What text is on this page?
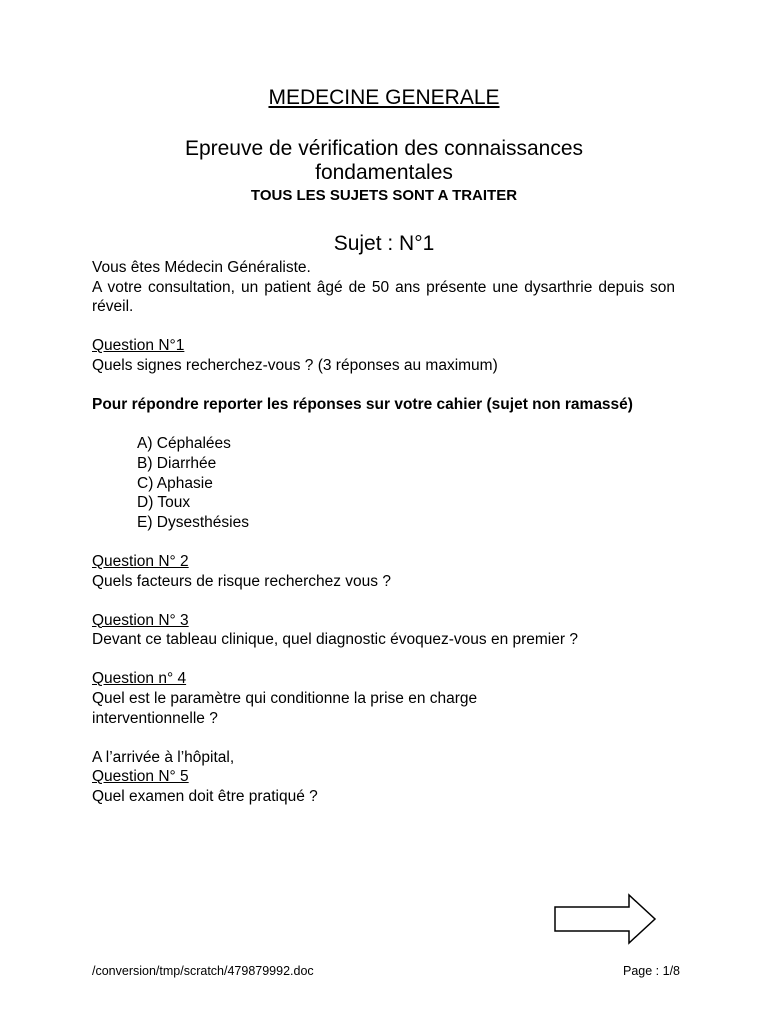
MEDECINE GENERALE
Epreuve de vérification des connaissances fondamentales
TOUS LES SUJETS SONT A TRAITER
Sujet : N°1

Vous êtes Médecin Généraliste.

A votre consultation, un patient âgé de 50 ans présente une dysarthrie depuis son réveil.

Question N°1

Quels signes recherchez-vous ? (3 réponses au maximum)

Pour répondre reporter les réponses sur votre cahier (sujet non ramassé)

A) Céphalées

B) Diarrhée

C) Aphasie

D) Toux

E) Dysesthésies

Question N° 2

Quels facteurs de risque recherchez vous ?

Question N° 3

Devant ce tableau clinique, quel diagnostic évoquez-vous en premier ?

Question n° 4

Quel est le paramètre qui conditionne la prise en charge interventionnelle ?

A l’arrivée à l’hôpital,

Question N° 5

Quel examen doit être pratiqué ?

/conversion/tmp/scratch/479879992.doc	Page : 1/8
